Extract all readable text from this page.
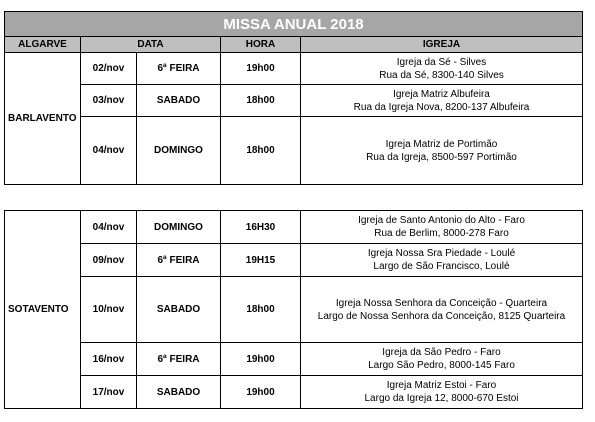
MISSA ANUAL 2018				
ALGARVE	DATA		HORA	IGREJA
BARLAVENTO	02/nov	6ª FEIRA	19h00	Igreja da Sé - Silves
Rua da Sé, 8300-140 Silves

	03/nov	SABADO	18h00	Igreja Matriz Albufeira
Rua da Igreja Nova, 8200-137 Albufeira

	04/nov	DOMINGO	18h00	Igreja Matriz de Portimão
Rua da Igreja, 8500-597 Portimão
SOTAVENTO	04/nov	DOMINGO	16H30	Igreja de Santo Antonio do Alto - Faro
Rua de Berlim, 8000-278 Faro

	09/nov	6ª FEIRA	19H15	Igreja Nossa Sra Piedade - Loulé
Largo de São Francisco, Loulé

	10/nov	SABADO	18h00	Igreja Nossa Senhora da Conceição - Quarteira
Largo de Nossa Senhora da Conceição, 8125 Quarteira

	16/nov	6ª FEIRA	19h00	Igreja da São Pedro - Faro
Largo São Pedro, 8000-145 Faro

	17/nov	SABADO	19h00	Igreja Matriz Estoi - Faro
Largo da Igreja 12, 8000-670 Estoi
